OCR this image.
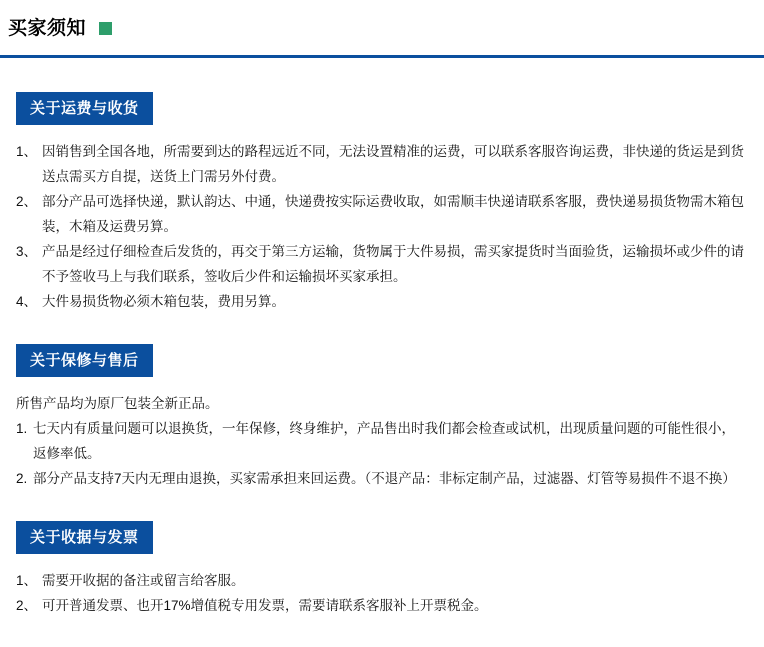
买家须知
关于运费与收货
1、 因销售到全国各地，所需要到达的路程远近不同，无法设置精准的运费，可以联系客服咨询运费，非快递的货运是到货送点需买方自提，送货上门需另外付费。
2、 部分产品可选择快递，默认韵达、中通，快递费按实际运费收取，如需顺丰快递请联系客服，费快递易损货物需木箱包装，木箱及运费另算。
3、 产品是经过仔细检查后发货的，再交于第三方运输，货物属于大件易损，需买家提货时当面验货，运输损坏或少件的请不予签收马上与我们联系，签收后少件和运输损坏买家承担。
4、 大件易损货物必须木箱包装，费用另算。
关于保修与售后

所售产品均为原厂包装全新正品。

1. 七天内有质量问题可以退换货，一年保修，终身维护，产品售出时我们都会检查或试机，出现质量问题的可能性很小，返修率低。
2. 部分产品支持7天内无理由退换，买家需承担来回运费。（不退产品：非标定制产品，过滤器、灯管等易损件不退不换）
关于收据与发票
1、 需要开收据的备注或留言给客服。
2、 可开普通发票、也开17%增值税专用发票，需要请联系客服补上开票税金。
